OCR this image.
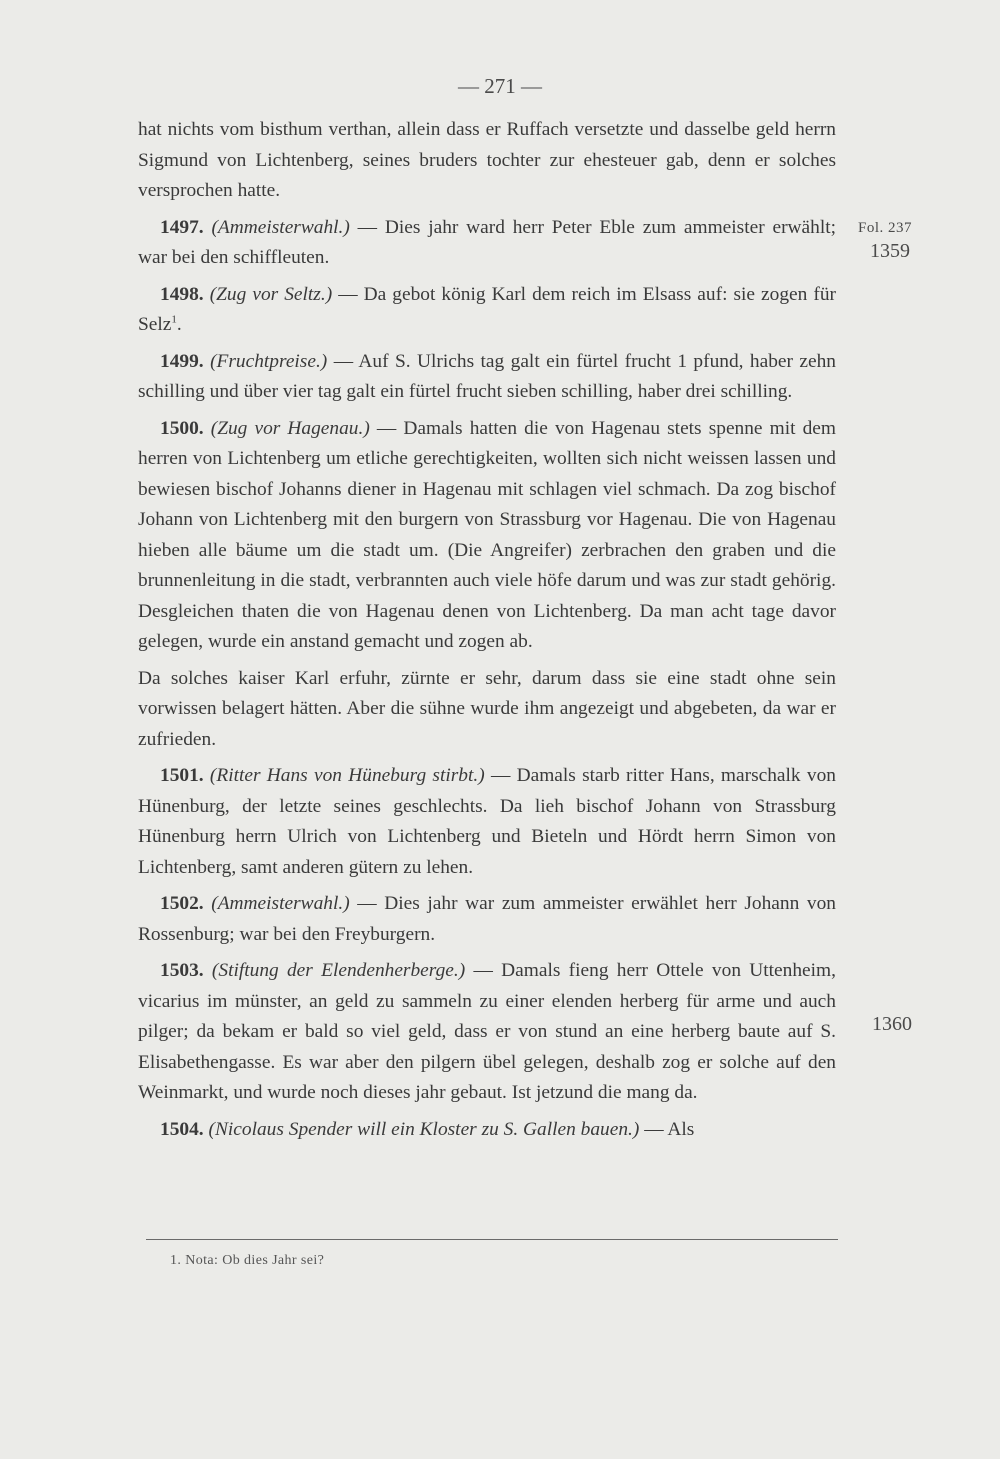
— 271 —
Fol. 237
1359
1360

hat nichts vom bisthum verthan, allein dass er Ruffach versetzte und dasselbe geld herrn Sigmund von Lichtenberg, seines bruders tochter zur ehesteuer gab, denn er solches versprochen hatte.

1497. (Ammeisterwahl.) — Dies jahr ward herr Peter Eble zum ammeister erwählt; war bei den schiffleuten.

1498. (Zug vor Seltz.) — Da gebot könig Karl dem reich im Elsass auf: sie zogen für Selz$^1$.

1499. (Fruchtpreise.) — Auf S. Ulrichs tag galt ein fürtel frucht 1 pfund, haber zehn schilling und über vier tag galt ein fürtel frucht sieben schilling, haber drei schilling.

1500. (Zug vor Hagenau.) — Damals hatten die von Hagenau stets spenne mit dem herren von Lichtenberg um etliche gerechtigkeiten, wollten sich nicht weissen lassen und bewiesen bischof Johanns diener in Hagenau mit schlagen viel schmach. Da zog bischof Johann von Lichtenberg mit den burgern von Strassburg vor Hagenau. Die von Hagenau hieben alle bäume um die stadt um. (Die Angreifer) zerbrachen den graben und die brunnenleitung in die stadt, verbrannten auch viele höfe darum und was zur stadt gehörig. Desgleichen thaten die von Hagenau denen von Lichtenberg. Da man acht tage davor gelegen, wurde ein anstand gemacht und zogen ab.

Da solches kaiser Karl erfuhr, zürnte er sehr, darum dass sie eine stadt ohne sein vorwissen belagert hätten. Aber die sühne wurde ihm angezeigt und abgebeten, da war er zufrieden.

1501. (Ritter Hans von Hüneburg stirbt.) — Damals starb ritter Hans, marschalk von Hünenburg, der letzte seines geschlechts. Da lieh bischof Johann von Strassburg Hünenburg herrn Ulrich von Lichtenberg und Bieteln und Hördt herrn Simon von Lichtenberg, samt anderen gütern zu lehen.

1502. (Ammeisterwahl.) — Dies jahr war zum ammeister erwählet herr Johann von Rossenburg; war bei den Freyburgern.

1503. (Stiftung der Elendenherberge.) — Damals fieng herr Ottele von Uttenheim, vicarius im münster, an geld zu sammeln zu einer elenden herberg für arme und auch pilger; da bekam er bald so viel geld, dass er von stund an eine herberg baute auf S. Elisabethengasse. Es war aber den pilgern übel gelegen, deshalb zog er solche auf den Weinmarkt, und wurde noch dieses jahr gebaut. Ist jetzund die mang da.

1504. (Nicolaus Spender will ein Kloster zu S. Gallen bauen.) — Als

1. Nota: Ob dies Jahr sei?
